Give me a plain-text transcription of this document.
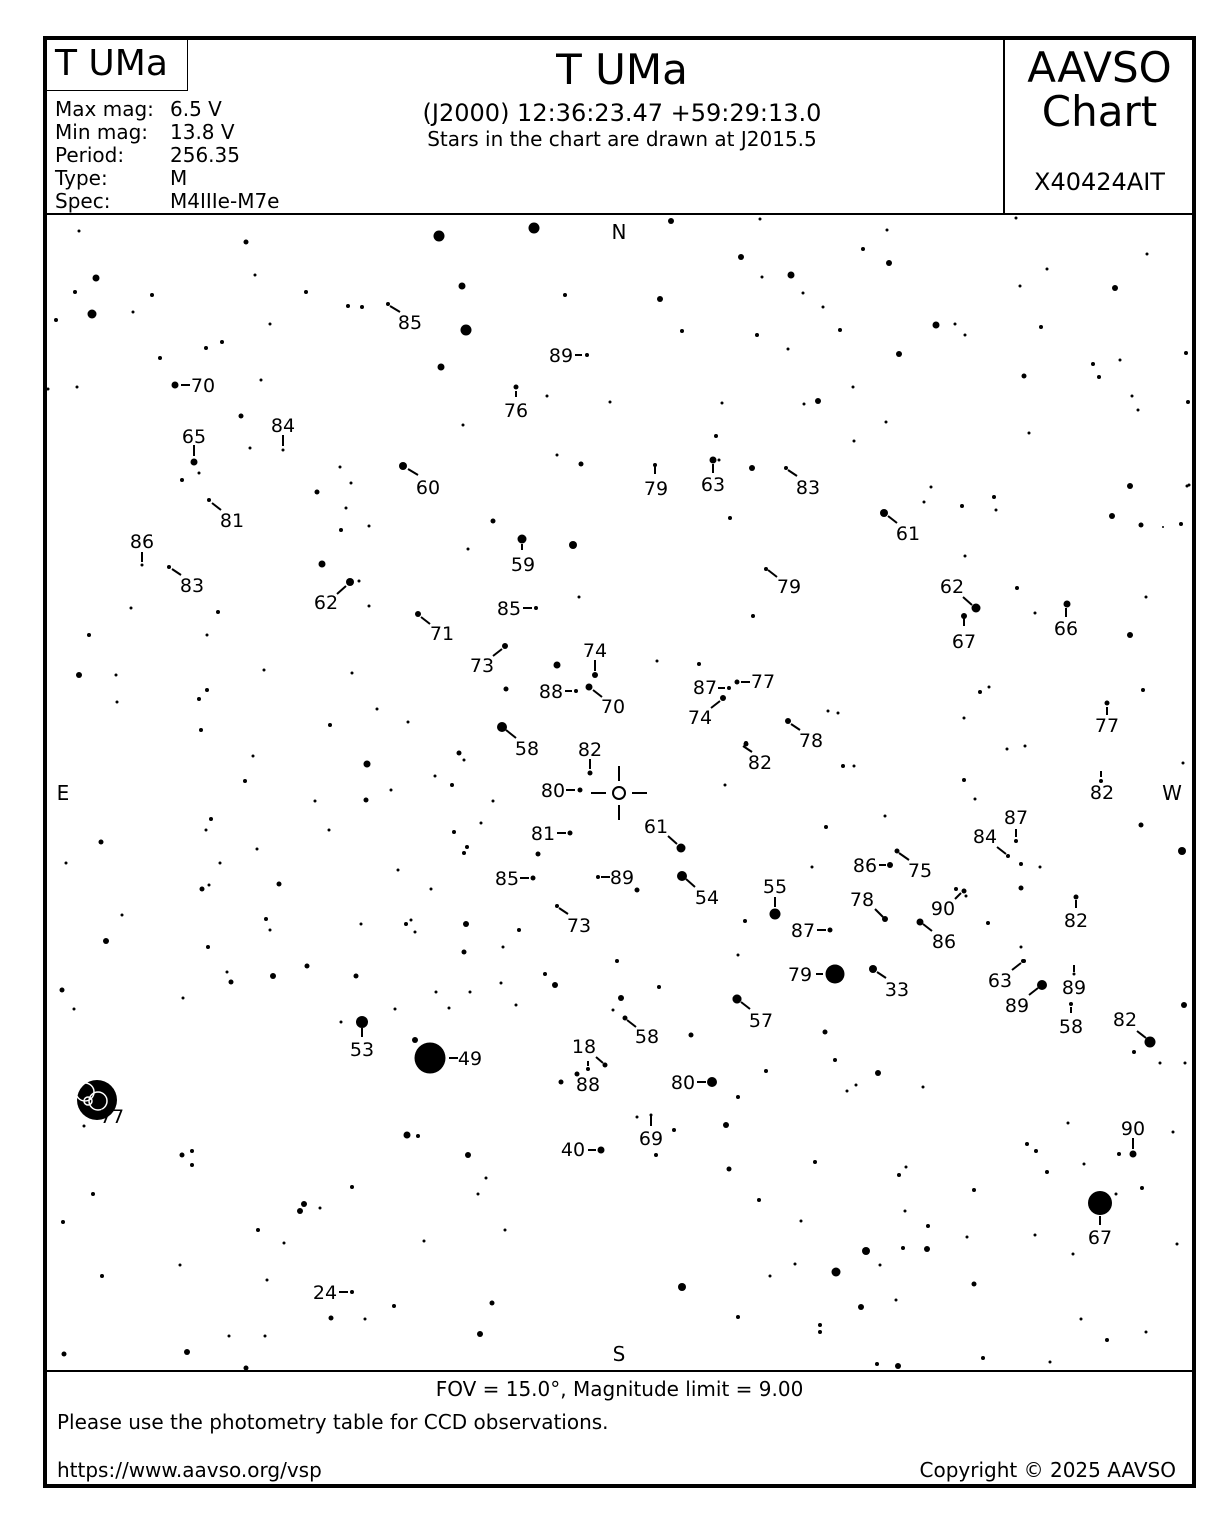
T UMa
Max mag: 6.5 V
Min mag:	13.8 V
Period:	256.35
Type:	M
Spec:	M4IIIe-M7e
T UMa
(J2000) 12:36:23.47 +59:29:13.0
Stars in the chart are drawn at J2015.5
AAVSO
Chart
X40424AIT
85
89
70
76
65	84
60	79 63	83
81
61
86
83
59
79
62
62
66
67
85
71
73
74
88
70
87 77
74
78
58 82
82
77
80
81	61	84
87
86 75
82
85	89
54 55
78	90
86
73	87	82
79
33	63	89
89
58 82
53	49
18
88	80
57
58
77
40	69	90
67
24
N
S
E	W
FOV = 15.0°, Magnitude limit = 9.00
Please use the photometry table for CCD observations.
https://www.aavso.org/vsp	Copyright © 2025 AAVSO
